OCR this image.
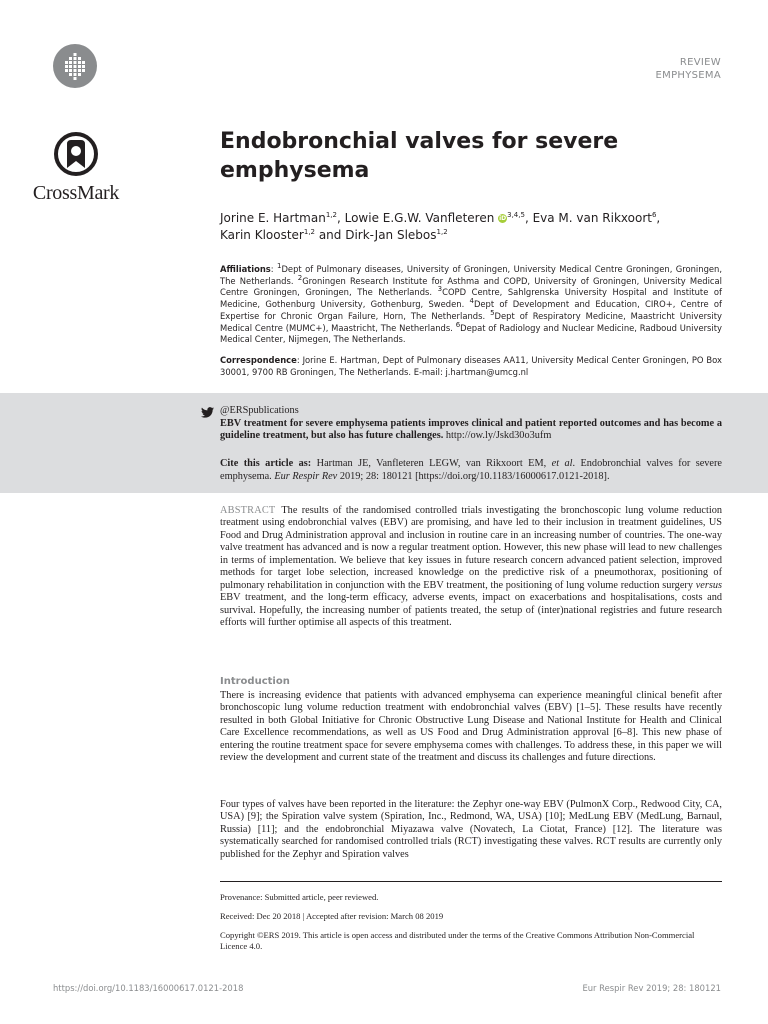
CrossMark
REVIEW
EMPHYSEMA
Endobronchial valves for severe emphysema
Jorine E. Hartman$^{1,2}$, Lowie E.G.W. Vanfleteren iD$^{3,4,5}$, Eva M. van Rikxoort$^6$,
Karin Klooster$^{1,2}$ and Dirk-Jan Slebos$^{1,2}$
Affiliations: $^1$Dept of Pulmonary diseases, University of Groningen, University Medical Centre Groningen, Groningen, The Netherlands. $^2$Groningen Research Institute for Asthma and COPD, University of Groningen, University Medical Centre Groningen, Groningen, The Netherlands. $^3$COPD Centre, Sahlgrenska University Hospital and Institute of Medicine, Gothenburg University, Gothenburg, Sweden. $^4$Dept of Development and Education, CIRO+, Centre of Expertise for Chronic Organ Failure, Horn, The Netherlands. $^5$Dept of Respiratory Medicine, Maastricht University Medical Centre (MUMC+), Maastricht, The Netherlands. $^6$Depat of Radiology and Nuclear Medicine, Radboud University Medical Center, Nijmegen, The Netherlands.
Correspondence: Jorine E. Hartman, Dept of Pulmonary diseases AA11, University Medical Center Groningen, PO Box 30001, 9700 RB Groningen, The Netherlands. E-mail: j.hartman@umcg.nl
@ERSpublications
EBV treatment for severe emphysema patients improves clinical and patient reported outcomes and has become a guideline treatment, but also has future challenges. http://ow.ly/Jskd30o3ufm
Cite this article as: Hartman JE, Vanfleteren LEGW, van Rikxoort EM, et al. Endobronchial valves for severe emphysema. Eur Respir Rev 2019; 28: 180121 [https://doi.org/10.1183/16000617.0121-2018].

ABSTRACT The results of the randomised controlled trials investigating the bronchoscopic lung volume reduction treatment using endobronchial valves (EBV) are promising, and have led to their inclusion in treatment guidelines, US Food and Drug Administration approval and inclusion in routine care in an increasing number of countries. The one-way valve treatment has advanced and is now a regular treatment option. However, this new phase will lead to new challenges in terms of implementation. We believe that key issues in future research concern advanced patient selection, improved methods for target lobe selection, increased knowledge on the predictive risk of a pneumothorax, positioning of pulmonary rehabilitation in conjunction with the EBV treatment, the positioning of lung volume reduction surgery versus EBV treatment, and the long-term efficacy, adverse events, impact on exacerbations and hospitalisations, costs and survival. Hopefully, the increasing number of patients treated, the setup of (inter)national registries and future research efforts will further optimise all aspects of this treatment.

Introduction

There is increasing evidence that patients with advanced emphysema can experience meaningful clinical benefit after bronchoscopic lung volume reduction treatment with endobronchial valves (EBV) [1–5]. These results have recently resulted in both Global Initiative for Chronic Obstructive Lung Disease and National Institute for Health and Clinical Care Excellence recommendations, as well as US Food and Drug Administration approval [6–8]. This new phase of entering the routine treatment space for severe emphysema comes with challenges. To address these, in this paper we will review the development and current state of the treatment and discuss its challenges and future directions.

Four types of valves have been reported in the literature: the Zephyr one-way EBV (PulmonX Corp., Redwood City, CA, USA) [9]; the Spiration valve system (Spiration, Inc., Redmond, WA, USA) [10]; MedLung EBV (MedLung, Barnaul, Russia) [11]; and the endobronchial Miyazawa valve (Novatech, La Ciotat, France) [12]. The literature was systematically searched for randomised controlled trials (RCT) investigating these valves. RCT results are currently only published for the Zephyr and Spiration valves

Provenance: Submitted article, peer reviewed.
Received: Dec 20 2018 | Accepted after revision: March 08 2019
Copyright ©ERS 2019. This article is open access and distributed under the terms of the Creative Commons Attribution Non-Commercial Licence 4.0.
https://doi.org/10.1183/16000617.0121-2018	Eur Respir Rev 2019; 28: 180121
